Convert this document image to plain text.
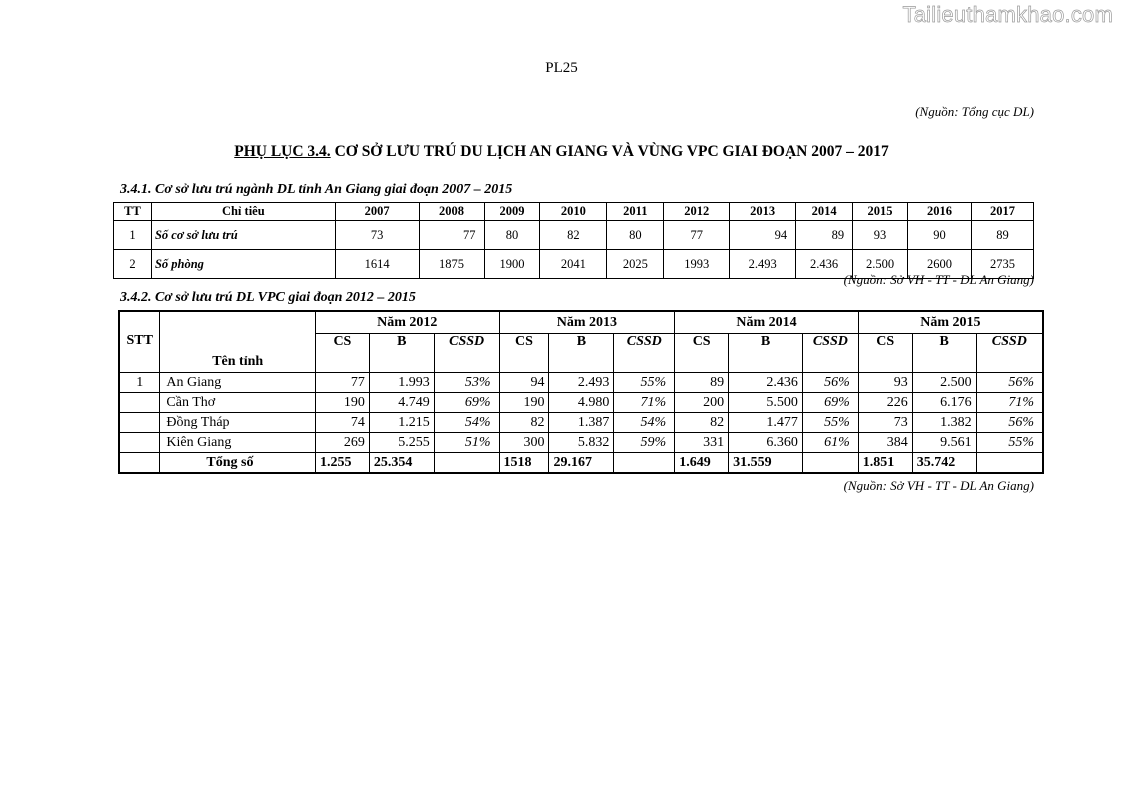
Tailieuthamkhao.com
PL25
(Nguồn: Tổng cục DL)
PHỤ LỤC 3.4. CƠ SỞ LƯU TRÚ DU LỊCH AN GIANG VÀ VÙNG VPC GIAI ĐOẠN 2007 – 2017
3.4.1. Cơ sở lưu trú ngành DL tỉnh An Giang giai đoạn 2007 – 2015
TT	Chỉ tiêu	2007	2008	2009	2010	2011	2012	2013	2014	2015	2016	2017
1	Số cơ sở lưu trú	73	77	80	82	80	77	94	89	93	90	89
2	Số phòng	1614	1875	1900	2041	2025	1993	2.493	2.436	2.500	2600	2735
(Nguồn: Sở VH - TT - DL An Giang)
3.4.2. Cơ sở lưu trú DL VPC giai đoạn 2012 – 2015
STT	Tên tỉnh	Năm 2012			Năm 2013			Năm 2014			Năm 2015		
		CS	B	CSSD	CS	B	CSSD	CS	B	CSSD	CS	B	CSSD
1	An Giang	77	1.993	53%	94	2.493	55%	89	2.436	56%	93	2.500	56%
	Cần Thơ	190	4.749	69%	190	4.980	71%	200	5.500	69%	226	6.176	71%
	Đồng Tháp	74	1.215	54%	82	1.387	54%	82	1.477	55%	73	1.382	56%
	Kiên Giang	269	5.255	51%	300	5.832	59%	331	6.360	61%	384	9.561	55%
	Tổng số	1.255	25.354		1518	29.167		1.649	31.559		1.851	35.742	
(Nguồn: Sở VH - TT - DL An Giang)
